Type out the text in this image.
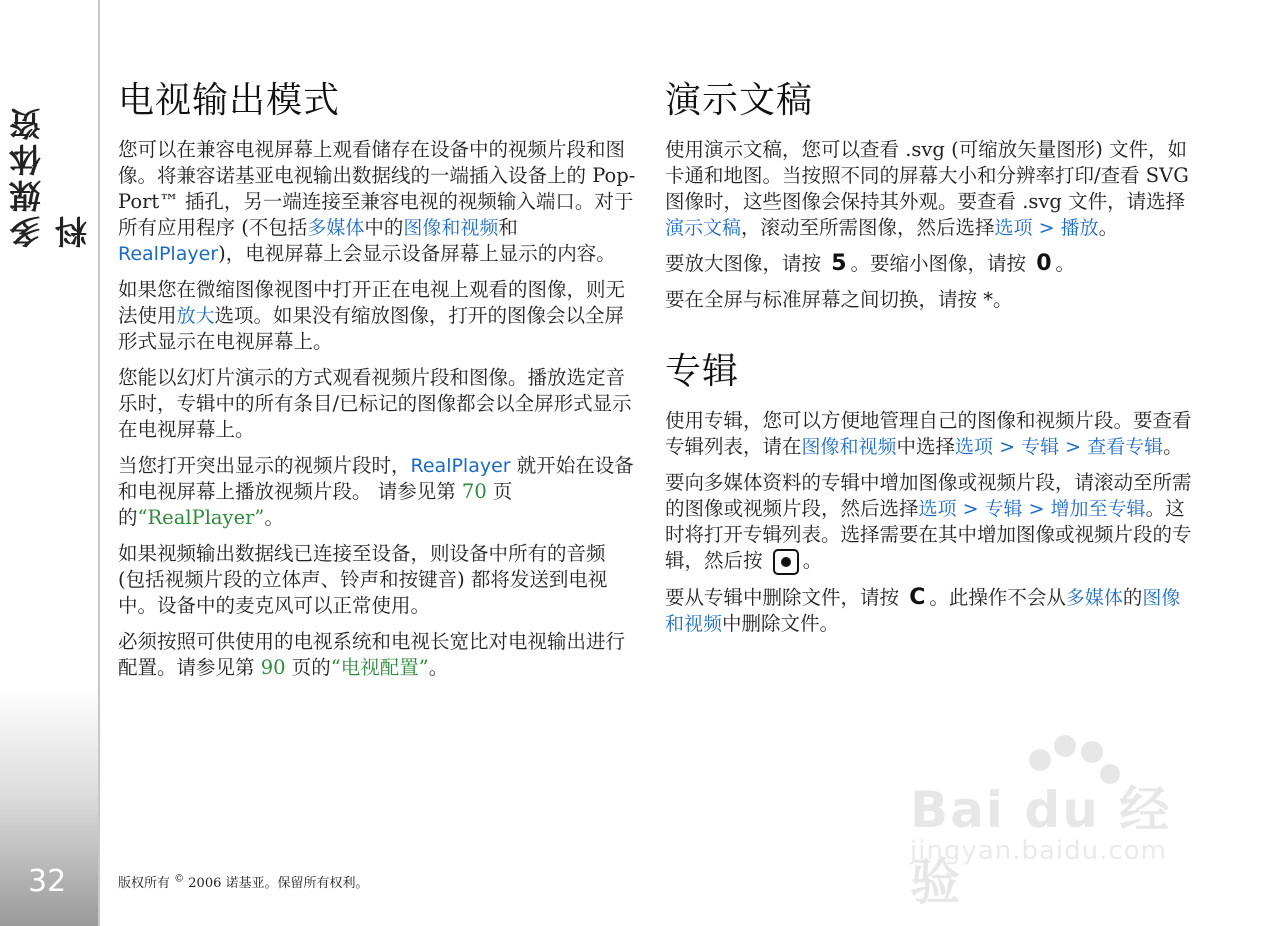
多媒体资料
32
电视输出模式

您可以在兼容电视屏幕上观看储存在设备中的视频片段和图像。将兼容诺基亚电视输出数据线的一端插入设备上的 Pop-Port™ 插孔，另一端连接至兼容电视的视频输入端口。对于所有应用程序 (不包括多媒体中的图像和视频和 RealPlayer)，电视屏幕上会显示设备屏幕上显示的内容。

如果您在微缩图像视图中打开正在电视上观看的图像，则无法使用放大选项。如果没有缩放图像，打开的图像会以全屏形式显示在电视屏幕上。

您能以幻灯片演示的方式观看视频片段和图像。播放选定音乐时，专辑中的所有条目/已标记的图像都会以全屏形式显示在电视屏幕上。

当您打开突出显示的视频片段时，RealPlayer 就开始在设备和电视屏幕上播放视频片段。 请参见第 70 页的“RealPlayer”。

如果视频输出数据线已连接至设备，则设备中所有的音频 (包括视频片段的立体声、铃声和按键音) 都将发送到电视中。设备中的麦克风可以正常使用。

必须按照可供使用的电视系统和电视长宽比对电视输出进行配置。请参见第 90 页的“电视配置”。

演示文稿

使用演示文稿，您可以查看 .svg (可缩放矢量图形) 文件，如卡通和地图。当按照不同的屏幕大小和分辨率打印/查看 SVG 图像时，这些图像会保持其外观。要查看 .svg 文件，请选择演示文稿，滚动至所需图像，然后选择选项 > 播放。

要放大图像，请按 5 。要缩小图像，请按 0 。

要在全屏与标准屏幕之间切换，请按 *。

专辑

使用专辑，您可以方便地管理自己的图像和视频片段。要查看专辑列表，请在图像和视频中选择选项 > 专辑 > 查看专辑。

要向多媒体资料的专辑中增加图像或视频片段，请滚动至所需的图像或视频片段，然后选择选项 > 专辑 > 增加至专辑。这时将打开专辑列表。选择需要在其中增加图像或视频片段的专辑，然后按
。

要从专辑中删除文件，请按 C 。此操作不会从多媒体的图像和视频中删除文件。

版权所有 © 2006 诺基亚。保留所有权利。
Bai du 经验
jingyan.baidu.com
